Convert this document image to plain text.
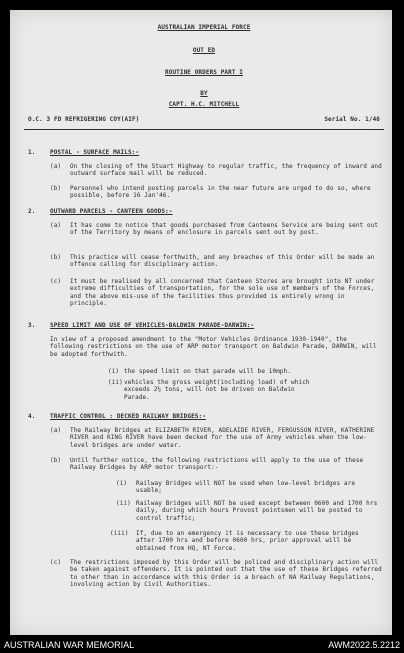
AUSTRALIAN IMPERIAL FORCE
OUT ED
ROUTINE ORDERS PART I
BY
CAPT. H.C. MITCHELL
O.C. 3 FD REFRIGERING COY(AIF)	Serial No. 1/46
1. POSTAL - SURFACE MAILS:-
(a) On the closing of the Stuart Highway to regular traffic, the frequency of inward and outward surface mail will be reduced.
(b) Personnel who intend posting parcels in the near future are urged to do so, where possible, before 16 Jan'46.
2. OUTWARD PARCELS - CANTEEN GOODS:-
(a) It has come to notice that goods purchased from Canteens Service are being sent out of the Territory by means of enclosure in parcels sent out by post.
(b) This practice will cease forthwith, and any breaches of this Order will be made an offence calling for disciplinary action.
(c) It must be realised by all concerned that Canteen Stores are brought into NT under extreme difficulties of transportation, for the sole use of members of the Forces, and the above mis-use of the facilities thus provided is entirely wrong in principle.
3. SPEED LIMIT AND USE OF VEHICLES-BALDWIN PARADE-DARWIN:-
In view of a proposed amendment to the "Motor Vehicles Ordinance 1930-1940", the following restrictions on the use of ARP motor transport on Baldwin Parade, DARWIN, will be adopted forthwith.
(i) the speed limit on that parade will be 10mph.
(ii) vehicles the gross weight(including load) of which exceeds 2½ tons, will not be driven on Baldwin Parade.
4. TRAFFIC CONTROL : DECKED RAILWAY BRIDGES:-
(a) The Railway Bridges at ELIZABETH RIVER, ADELAIDE RIVER, FERGUSSON RIVER, KATHERINE RIVER and KING RIVER have been decked for the use of Army vehicles when the low-level bridges are under water.
(b) Until further notice, the following restrictions will apply to the use of these Railway Bridges by ARP motor transport:-
(i) Railway Bridges will NOT be used when low-level bridges are usable;
(ii) Railway Bridges will NOT be used except between 0600 and 1700 hrs daily, during which hours Provost pointsmen will be posted to control traffic;
(iii) If, due to an emergency it is necessary to use these bridges after 1700 hrs and before 0600 hrs, prior approval will be obtained from HQ, NT Force.
(c) The restrictions imposed by this Order will be policed and disciplinary action will be taken against offenders. It is pointed out that the use of these Bridges referred to other than in accordance with this Order is a breach of NA Railway Regulations, involving action by Civil Authorities.
AUSTRALIAN WAR MEMORIAL	AWM2022.5.2212
